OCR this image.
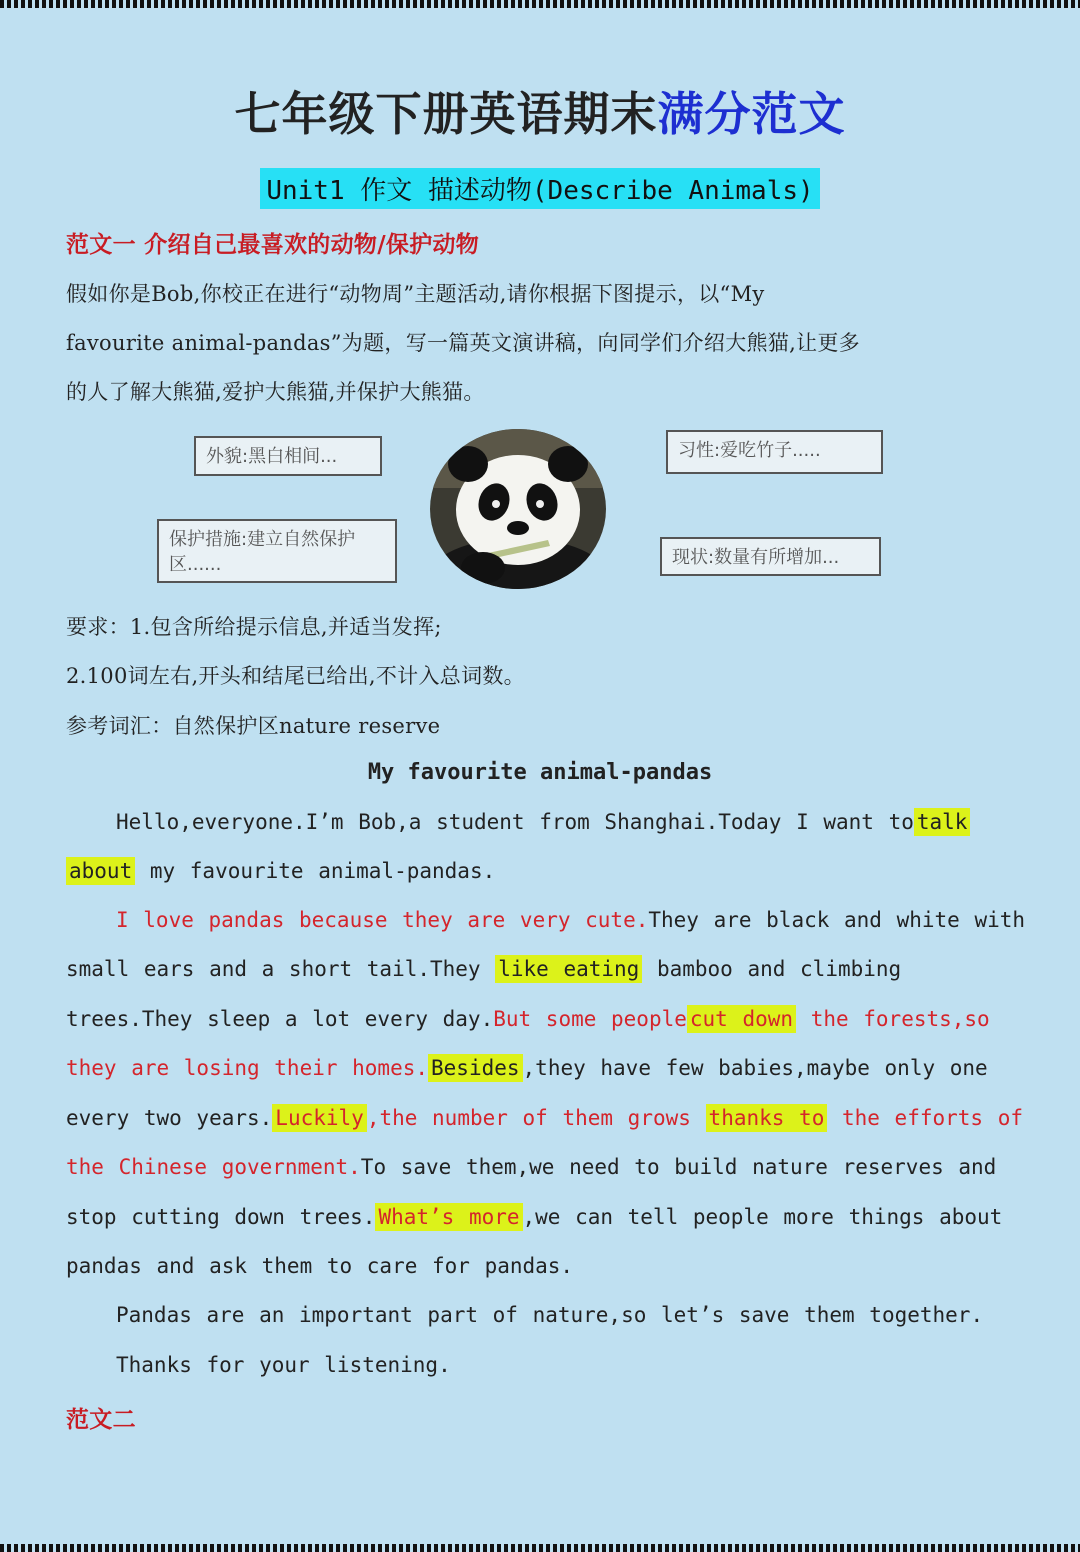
七年级下册英语期末满分范文
Unit1 作文 描述动物(Describe Animals)
范文一 介绍自己最喜欢的动物/保护动物
假如你是Bob,你校正在进行“动物周”主题活动,请你根据下图提示，以“My
favourite animal-pandas”为题，写一篇英文演讲稿，向同学们介绍大熊猫,让更多
的人了解大熊猫,爱护大熊猫,并保护大熊猫。
外貌:黑白相间...	习性:爱吃竹子.....
保护措施:建立自然保护区......	现状:数量有所增加...
要求：1.包含所给提示信息,并适当发挥;
2.100词左右,开头和结尾已给出,不计入总词数。
参考词汇：自然保护区nature reserve
My favourite animal-pandas
Hello,everyone.I’m Bob,a student from Shanghai.Today I want to talk
about my favourite animal-pandas.
I love pandas because they are very cute.They are black and white with
small ears and a short tail.They like eating bamboo and climbing
trees.They sleep a lot every day.But some people cut down the forests,so
they are losing their homes. Besides ,they have few babies,maybe only one
every two years. Luckily ,the number of them grows thanks to the efforts of
the Chinese government.To save them,we need to build nature reserves and
stop cutting down trees. What’s more ,we can tell people more things about
pandas and ask them to care for pandas.
Pandas are an important part of nature,so let’s save them together.
Thanks for your listening.
范文二
